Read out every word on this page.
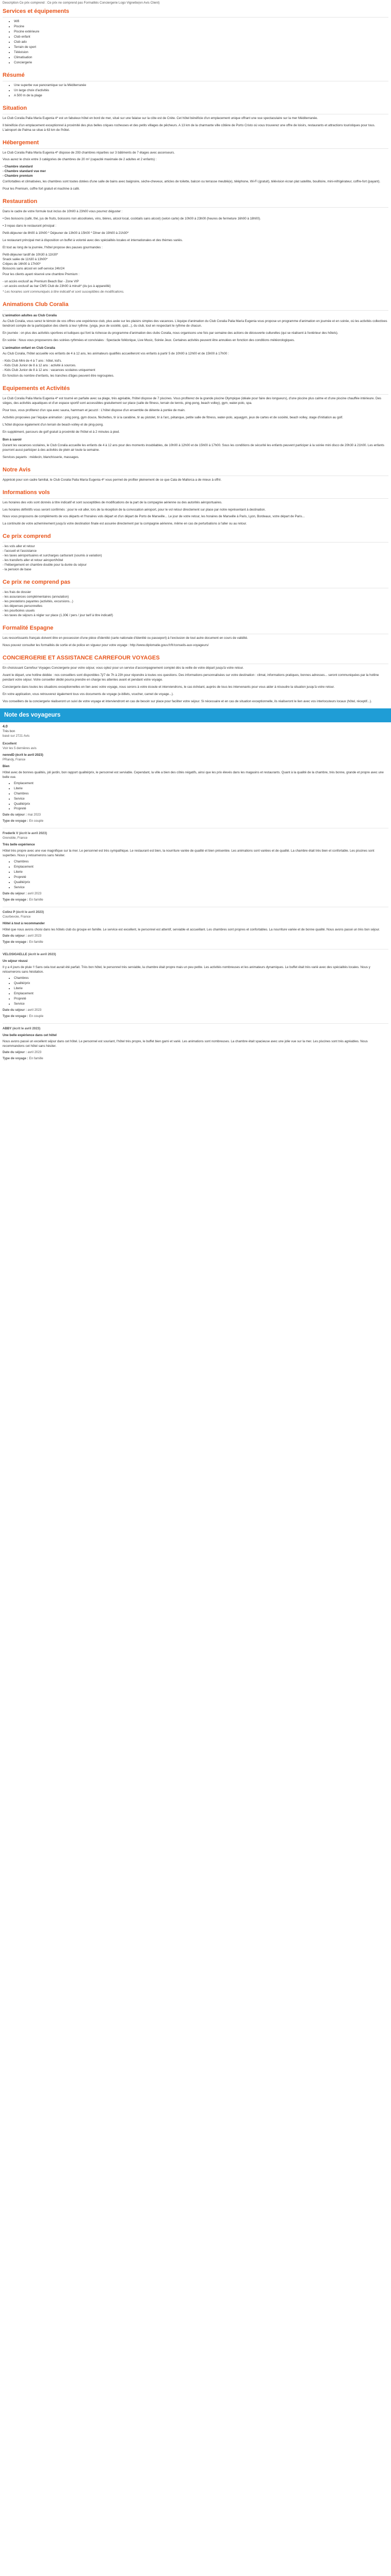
Description Ce prix comprend : Ce prix ne comprend pas Formalités Conciergerie Logo Vignette(en Avis Client)
Services et équipements
• Wifi
• Piscine
• Piscine extérieure
• Club enfant
• Club ado
• Terrain de sport
• Télévision
• Climatisation
• Conciergerie
Résumé
• Une superbe vue panoramique sur la Méditerranée
• Un large choix d'activités
• A 500 m de la plage
Situation

Le Club Coralia Palia María Eugenia 4* est un fabuleux hôtel en bord de mer, situé sur une falaise sur la côte est de Crète. Cet hôtel bénéficie d'un emplacement unique offrant une vue spectaculaire sur la mer Méditerranée.

Il bénéficie d'un emplacement exceptionnel à proximité des plus belles criques rocheuses et des petits villages de pêcheurs. A 13 km de la charmante ville côtière de Porto Cristo où vous trouverez une offre de loisirs, restaurants et attractions touristiques pour tous. L'aéroport de Palma se situe à 63 km de l'hôtel.

Hébergement

Le Club Coralia Palia María Eugenia 4* dispose de 293 chambres réparties sur 3 bâtiments de 7 étages avec ascenseurs.

Vous aurez le choix entre 3 catégories de chambres de 20 m² (capacité maximale de 2 adultes et 2 enfants) :

- Chambre standard
- Chambre standard vue mer
- Chambre premium

Confortables et climatisées, les chambres sont toutes dotées d'une salle de bains avec baignoire, sèche-cheveux, articles de toilette, balcon ou terrasse meublé(e), téléphone, Wi-Fi (gratuit), télévision écran plat satellite, bouilloire, mini-réfrigérateur, coffre-fort (payant).

Pour les Premium, coffre fort gratuit et machine à café.

Restauration

Dans le cadre de votre formule tout inclus de 10h00 à 23h00 vous pourrez déguster :

• Des boissons (café, thé, jus de fruits, boissons non alcoolisées, vins, bières, alcool local, cocktails sans alcool) (selon carte) de 10h00 à 23h00 (heures de fermeture 16h00 à 18h00).

• 3 repas dans le restaurant principal :

Petit-déjeuner de 8h00 à 10h00 * Déjeuner de 13h00 à 15h00 * Dîner de 19h00 à 21h30*

Le restaurant principal met à disposition un buffet à volonté avec des spécialités locales et internationales et des thèmes variés.

Et tout au long de la journée, l'hôtel propose des pauses gourmandes :

Petit-déjeuner tardif de 10h30 à 11h30*
Snack salée de 11h30 à 13h00*
Crêpes de 16h00 à 17h00*
Boissons sans alcool en self-service 24h/24

Pour les clients ayant réservé une chambre Premium :

- un accès exclusif au Premium Beach Bar - Zone VIP
- un accès exclusif au bar CMS Club de 23h00 à minuit* (du jus à appareillé)

* Les horaires sont communiqués à titre indicatif et sont susceptibles de modifications.

Animations Club Coralia
L'animation adultes au Club Coralia

Au Club Coralia, vous serez le témoin de vos offres une expérience club, plus axée sur les plaisirs simples des vacances. L'équipe d'animation du Club Coralia Palia María Eugenia vous propose un programme d'animation en journée et en soirée, où les activités collectives tiendront compte de la participation des clients à leur rythme. (yoga, jeux de société, quiz...), du club, tout en respectant le rythme de chacun.

En journée : on plus des activités sportives et ludiques qui font la richesse du programme d'animation des clubs Coralia, nous organisons une fois par semaine des actions de découverte culturelles (qui se réalisent à l'extérieur des hôtels).

En soirée : Nous vous proposerons des soirées rythmées et conviviales : Spectacle folklorique, Live Music, Soirée Jeux. Certaines activités peuvent être annulées en fonction des conditions météorologiques.

L'animation enfant en Club Coralia

Au Club Coralia, l'hôtel accueille vos enfants de 4 à 12 ans, les animateurs qualifiés accueilleront vos enfants à partir 5 de 10h00 à 12h00 et de 15h00 à 17h00 :

- Kids Club Mini de 4 à 7 ans : hôtel, kid's.
- Kids Club Junior de 8 à 12 ans : activité à sources.
- Kids Club Junior de 8 à 12 ans : vacances scolaires uniquement

En fonction du nombre d'enfants, les tranches d'âges peuvent être regroupées.

Equipements et Activités

Le Club Coralia Palia María Eugenia 4* est tourné en parfaite avec sa plage, très agréable, l'hôtel dispose de 7 piscines. Vous profiterez de la grande piscine Olympique (idéale pour faire des longueurs), d'une piscine plus calme et d'une piscine chauffée intérieure. Des sièges, des activités aquatiques et d'un espace sportif sont accessibles gratuitement sur place (salle de fitness, terrain de tennis, ping-pong, beach volley), gym, water-polo, spa.

Pour tous, vous profiterez d'un spa avec sauna, hammam et jacuzzi : L'hôtel dispose d'un ensemble de détente à portée de main.

Activités proposées par l'équipe animation : ping pong, gym douce, fléchettes, tir à la carabine, tir au pistolet, tir à l'arc, pétanque, petite salle de fitness, water-polo, aquagym, jeux de cartes et de société, beach volley, stage d'initiation au golf.

L'hôtel dispose également d'un terrain de beach-volley et de ping-pong.

En supplément, parcours de golf gratuit à proximité de l'hôtel et à 2 minutes à pied.

Bon à savoir

Durant les vacances scolaires, le Club Coralia accueille les enfants de 4 à 12 ans pour des moments inoubliables, de 10h00 à 12h00 et de 15h00 à 17h00. Sous les conditions de sécurité les enfants peuvent participer à la soirée mini disco de 20h30 à 21h00. Les enfants pourront aussi participer à des activités de plein air toute la semaine.

Services payants : médecin, blanchisserie, massages.

Notre Avis

Apprécié pour son cadre familial, le Club Coralia Palia María Eugenia 4* vous permet de profiter pleinement de ce que Cala de Mallorca a de mieux à offrir.

Informations vols

Les horaires des vols sont donnés à titre indicatif et sont susceptibles de modifications de la part de la compagnie aérienne ou des autorités aéroportuaires.

Les horaires définitifs vous seront confirmés : pour le vol aller, lors de la réception de la convocation aéroport, pour le vol retour directement sur place par notre représentant à destination.

Nous vous proposons de compléments de vos départs et l'horaires vols départ et d'un départ de Porto de Marseille... Le jour de votre retour, les horaires de Marseille à Paris, Lyon, Bordeaux, votre départ de Paris...

La continuité de votre acheminement jusqu'à votre destination finale est assurée directement par la compagnie aérienne, même en cas de perturbations à l'aller ou au retour.

Ce prix comprend
- les vols aller et retour
- l'accueil et l'assistance
- les taxes aéroportuaires et surcharges carburant (soumis à variation)
- les transferts aller et retour aéroport/hôtel
- l'hébergement en chambre double pour la durée du séjour
- la pension de base
Ce prix ne comprend pas
- les frais de dossier
- les assurances complémentaires (annulation)
- les prestations payantes (activités, excursions...)
- les dépenses personnelles
- les pourboires usuels
- les taxes de séjours à régler sur place (1.30€ / pers / jour tarif à titre indicatif)
Formalité Espagne

Les ressortissants français doivent être en possession d'une pièce d'identité (carte nationale d'identité ou passeport) à l'exclusion de tout autre document en cours de validité.

Nous pouvez consulter les formalités de sortie et de police en vigueur pour votre voyage : http://www.diplomatie.gouv.fr/fr/conseils-aux-voyageurs/

CONCIERGERIE ET ASSISTANCE CARREFOUR VOYAGES

En choisissant Carrefour Voyages Conciergerie pour votre séjour, vous optez pour un service d'accompagnement complet dès la veille de votre départ jusqu'à votre retour.

Avant le départ, une hotline dédiée : nos conseillers sont disponibles 7j/7 de 7h à 23h pour répondre à toutes vos questions. Des informations personnalisées sur votre destination : climat, informations pratiques, bonnes adresses... seront communiquées par la hotline pendant votre séjour. Votre conseiller dédié pourra prendre en charge les attentes avant et pendant votre voyage.

Conciergerie dans toutes les situations exceptionnelles en lien avec votre voyage, nous serons à votre écoute et interviendrons, le cas échéant, auprès de tous les intervenants pour vous aider à résoudre la situation jusqu'à votre retour.

En votre application, vous retrouverez également tous vos documents de voyage (e-billets, voucher, carnet de voyage...).

Vos conseillers de la conciergerie réaliseront un suivi de votre voyage et interviendront en cas de besoin sur place pour faciliter votre séjour. Si nécessaire et en cas de situation exceptionnelle, ils réaliseront le lien avec vos interlocuteurs locaux (hôtel, réceptif...).

Note des voyageurs
4.0
Très bon
basé sur 2721 Avis
Excellent
Voir les 5 dernières avis
nenndD (écrit le avril 2023)
PRandy, France
Bien
Hôtel avec de bonnes qualités, joli jardin, bon rapport qualité/prix, le personnel est serviable. Cependant, la ville a bien des côtés négatifs, ainsi que les prix élevés dans les magasins et restaurants. Quant à la qualité de la chambre, très bonne, grande et propre avec une belle vue.
• Emplacement
• Literie
• Chambres
• Service
• Qualité/prix
• Propreté
Date du séjour : mai 2023
Type de voyage : En couple
Frederik V (écrit le avril 2023)
Grenoble, France
Très belle expérience
Hôtel très propre avec une vue magnifique sur la mer. Le personnel est très sympathique. Le restaurant est bien, la nourriture variée de qualité et bien présentée. Les animations sont variées et de qualité. La chambre était très bien et confortable. Les piscines sont superbes. Nous y retournerons sans hésiter.
• Chambres
• Emplacement
• Literie
• Propreté
• Qualité/prix
• Service
Date du séjour : avril 2023
Type de voyage : En famille
Colinz P (écrit le avril 2023)
Courbevoie, France
Hôtel à tout à recommander
Hôtel que nous avons choisi dans les hôtels club du groupe en famille. Le service est excellent, le personnel est attentif, serviable et accueillant. Les chambres sont propres et confortables. La nourriture variée et de bonne qualité. Nous avons passé un très bon séjour.
Date du séjour : avril 2023
Type de voyage : En famille
VELOSIGAELLE (écrit le avril 2023)
Un séjour réussi
Il y a 4 jours de pluie !! Sans cela tout aurait été parfait. Très bon hôtel, le personnel très serviable, la chambre était propre mais un peu petite. Les activités nombreuses et les animateurs dynamiques. Le buffet était très varié avec des spécialités locales. Nous y retournerons sans hésitation.
• Chambres
• Qualité/prix
• Literie
• Emplacement
• Propreté
• Service
Date du séjour : avril 2023
Type de voyage : En couple
ABBY (écrit le avril 2023)
Une belle expérience dans cet hôtel
Nous avons passé un excellent séjour dans cet hôtel. Le personnel est souriant, l'hôtel très propre, le buffet bien garni et varié. Les animations sont nombreuses. La chambre était spacieuse avec une jolie vue sur la mer. Les piscines sont très agréables. Nous recommandons cet hôtel sans hésiter.
Date du séjour : avril 2023
Type de voyage : En famille
